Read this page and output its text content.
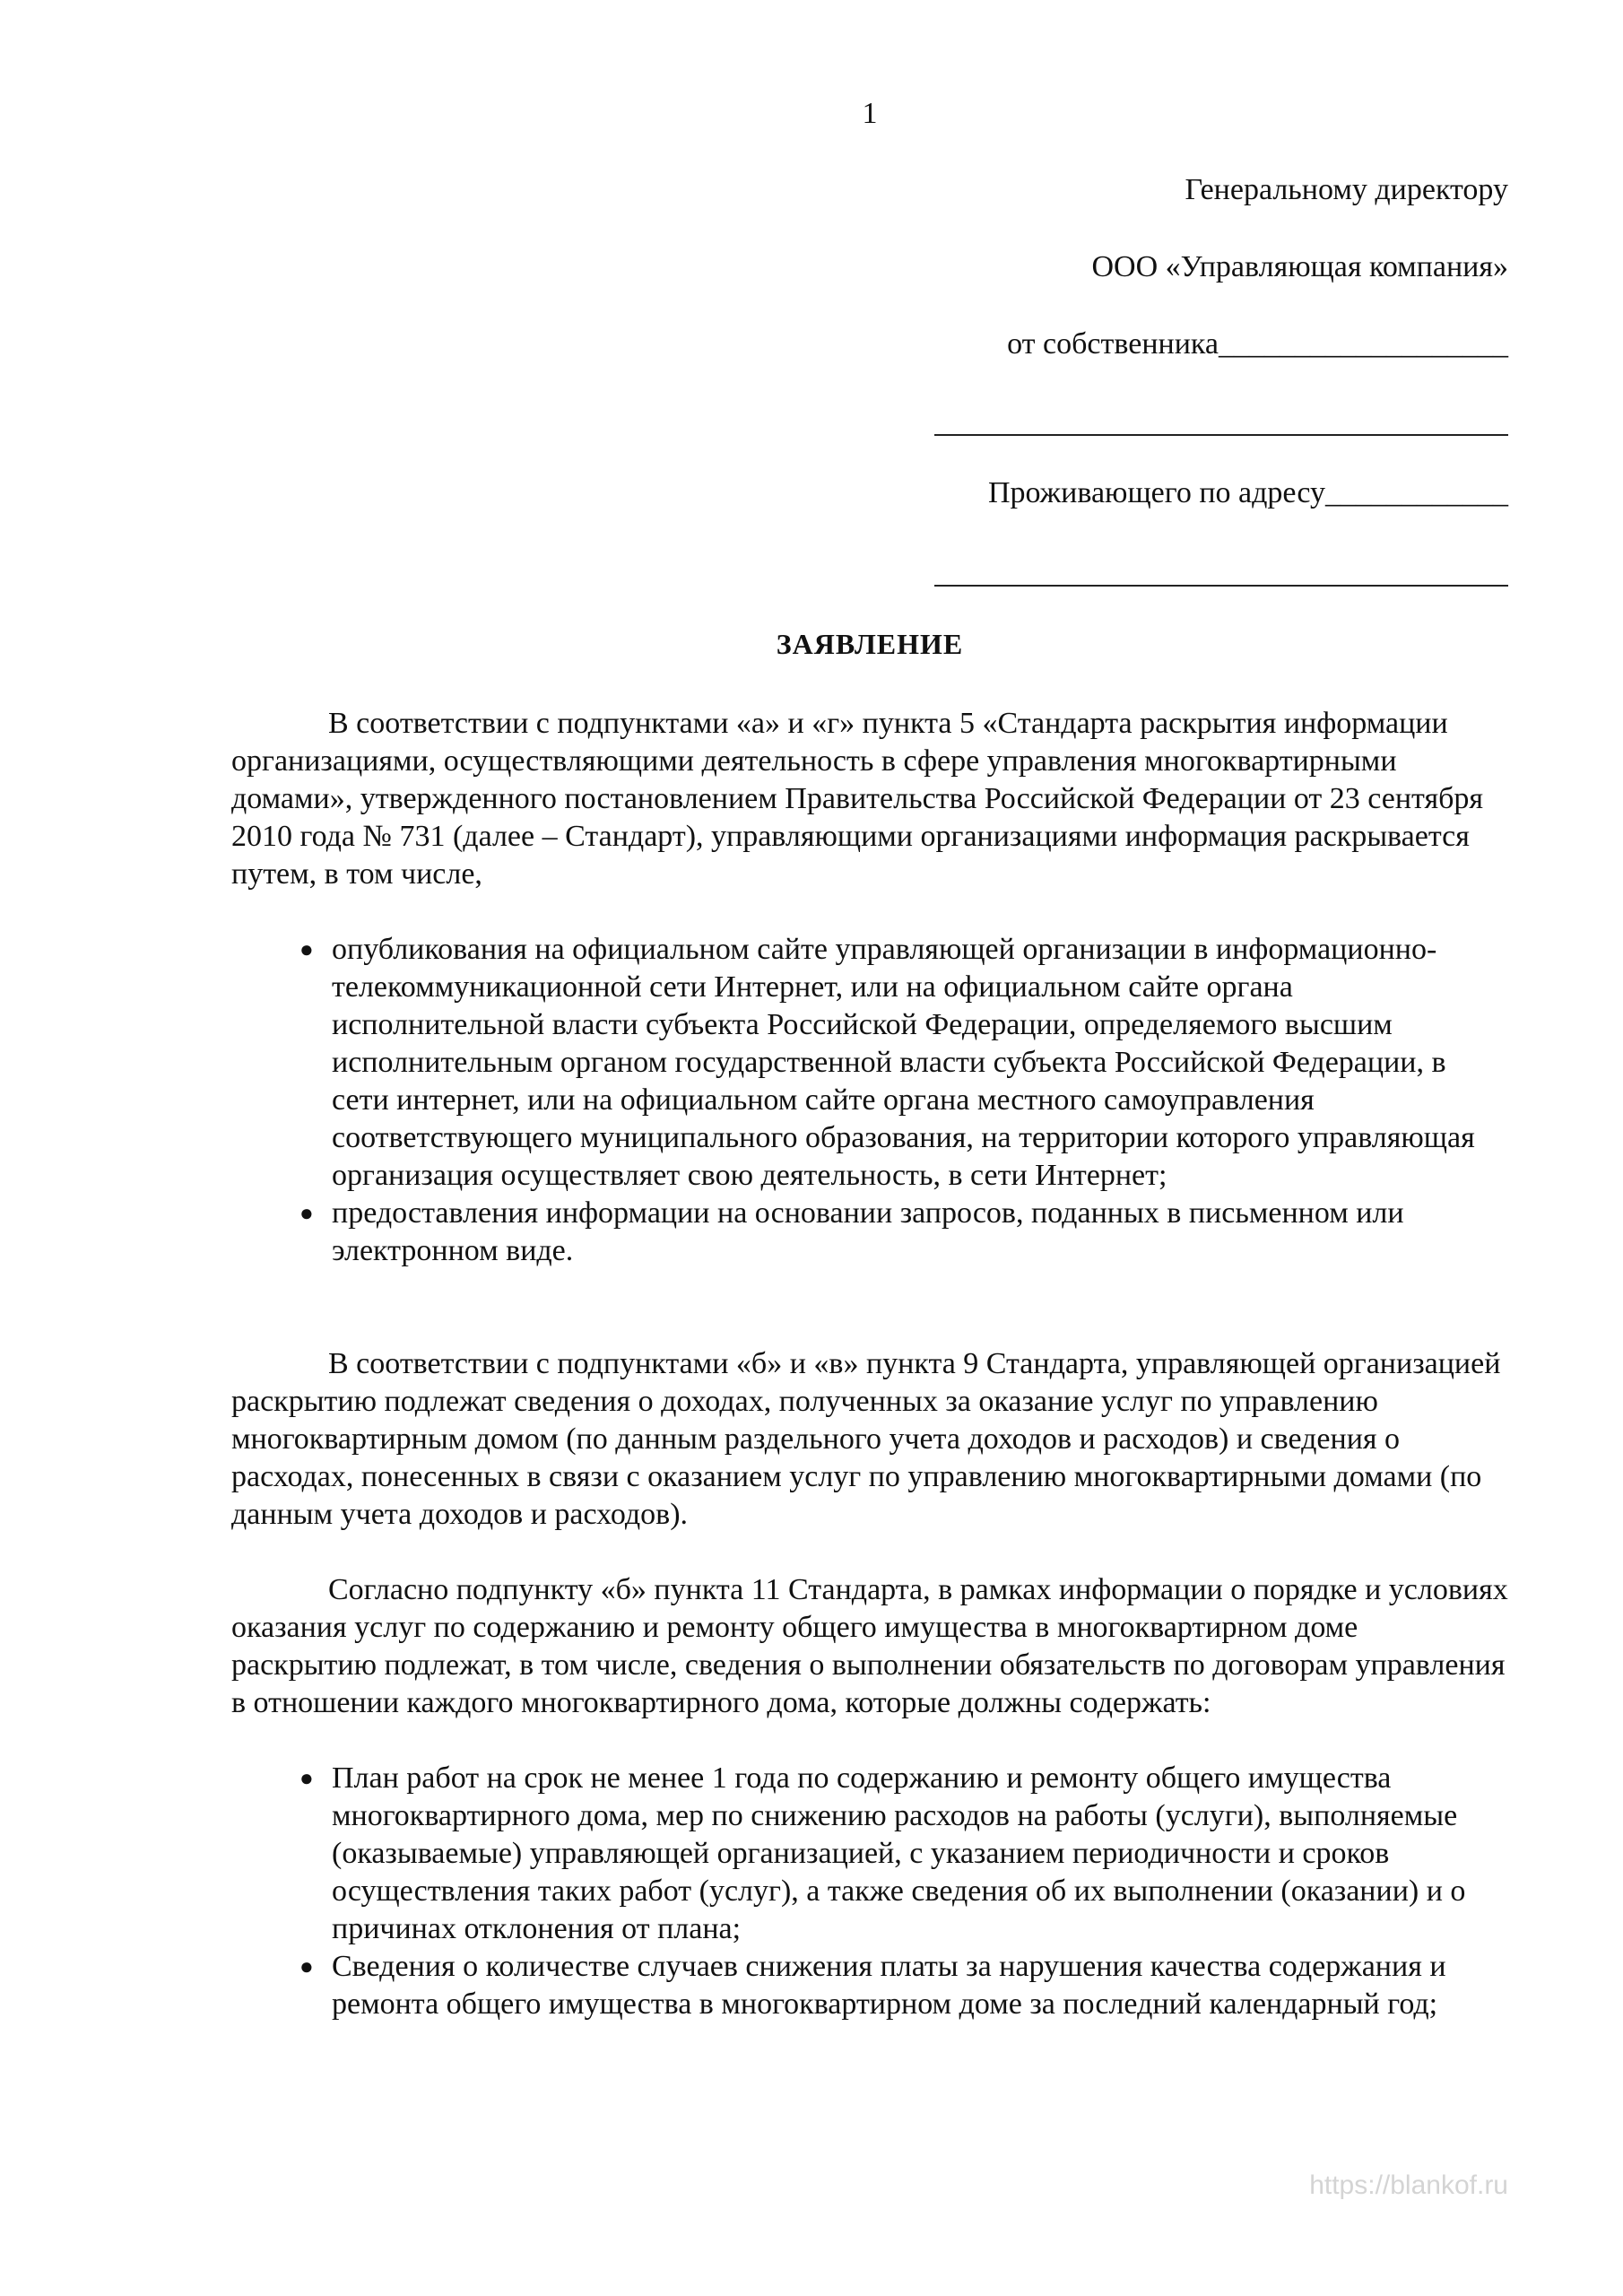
1
Генеральному директору
ООО «Управляющая компания»
от собственника___________________
Проживающего по адресу____________
ЗАЯВЛЕНИЕ

В соответствии с подпунктами «а» и «г» пункта 5 «Стандарта раскрытия информации организациями, осуществляющими деятельность в сфере управления многоквартирными домами», утвержденного постановлением Правительства Российской Федерации от 23 сентября 2010 года № 731 (далее – Стандарт), управляющими организациями информация раскрывается путем, в том числе,

● опубликования на официальном сайте управляющей организации в информационно-телекоммуникационной сети Интернет, или на официальном сайте органа исполнительной власти субъекта Российской Федерации, определяемого высшим исполнительным органом государственной власти субъекта Российской Федерации, в сети интернет, или на официальном сайте органа местного самоуправления соответствующего муниципального образования, на территории которого управляющая организация осуществляет свою деятельность, в сети Интернет;
● предоставления информации на основании запросов, поданных в письменном или электронном виде.

В соответствии с подпунктами «б» и «в» пункта 9 Стандарта, управляющей организацией раскрытию подлежат сведения о доходах, полученных за оказание услуг по управлению многоквартирным домом (по данным раздельного учета доходов и расходов) и сведения о расходах, понесенных в связи с оказанием услуг по управлению многоквартирными домами (по данным учета доходов и расходов).

Согласно подпункту «б» пункта 11 Стандарта, в рамках информации о порядке и условиях оказания услуг по содержанию и ремонту общего имущества в многоквартирном доме раскрытию подлежат, в том числе, сведения о выполнении обязательств по договорам управления в отношении каждого многоквартирного дома, которые должны содержать:

● План работ на срок не менее 1 года по содержанию и ремонту общего имущества многоквартирного дома, мер по снижению расходов на работы (услуги), выполняемые (оказываемые) управляющей организацией, с указанием периодичности и сроков осуществления таких работ (услуг), а также сведения об их выполнении (оказании) и о причинах отклонения от плана;
● Сведения о количестве случаев снижения платы за нарушения качества содержания и ремонта общего имущества в многоквартирном доме за последний календарный год;
https://blankof.ru
